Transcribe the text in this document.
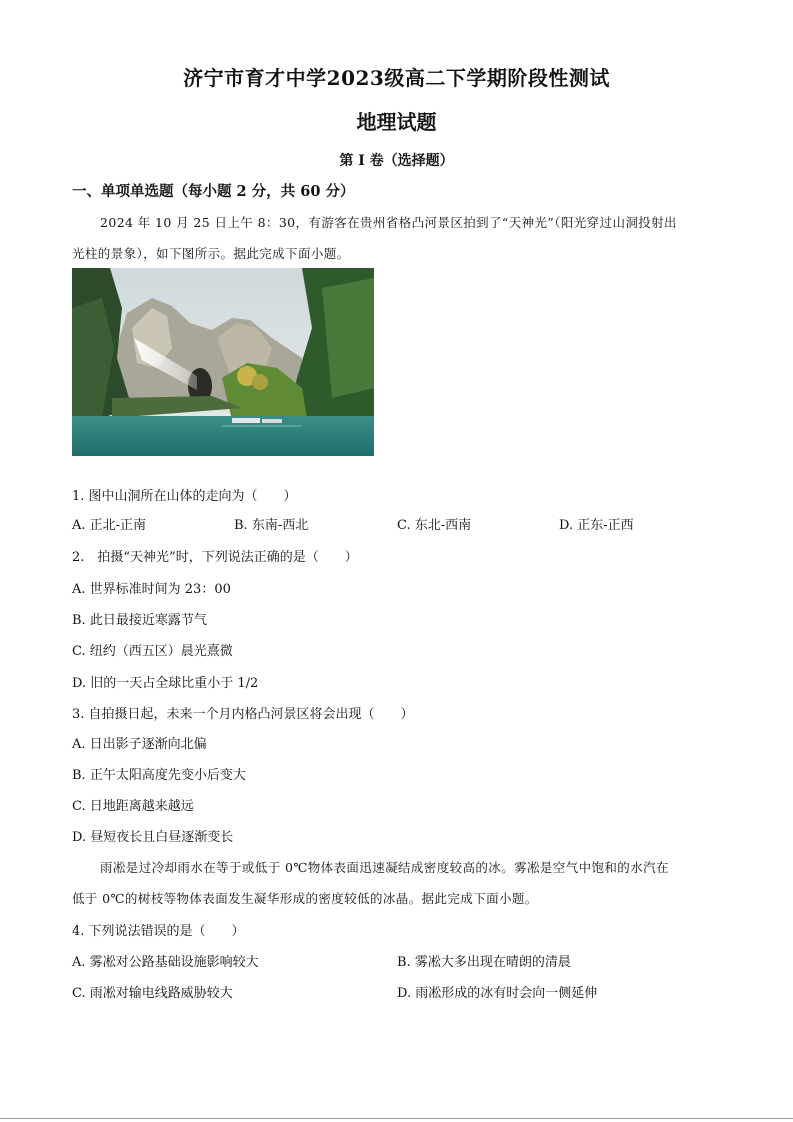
济宁市育才中学2023级高二下学期阶段性测试
地理试题
第 I 卷（选择题）
一、单项单选题（每小题 2 分，共 60 分）
2024 年 10 月 25 日上午 8：30，有游客在贵州省格凸河景区拍到了“天神光”（阳光穿过山洞投射出
光柱的景象），如下图所示。据此完成下面小题。
1. 图中山洞所在山体的走向为（　　）
A. 正北-正南	B. 东南-西北	C. 东北-西南	D. 正东-正西
2.　拍摄“天神光”时，下列说法正确的是（　　）
A. 世界标准时间为 23：00
B. 此日最接近寒露节气
C. 纽约（西五区）晨光熹微
D. 旧的一天占全球比重小于 1/2
3. 自拍摄日起，未来一个月内格凸河景区将会出现（　　）
A. 日出影子逐渐向北偏
B. 正午太阳高度先变小后变大
C. 日地距离越来越远
D. 昼短夜长且白昼逐渐变长
雨凇是过冷却雨水在等于或低于 0℃物体表面迅速凝结成密度较高的冰。雾凇是空气中饱和的水汽在
低于 0℃的树枝等物体表面发生凝华形成的密度较低的冰晶。据此完成下面小题。
4. 下列说法错误的是（　　）
A. 雾凇对公路基础设施影响较大	B. 雾凇大多出现在晴朗的清晨
C. 雨凇对输电线路威胁较大	D. 雨凇形成的冰有时会向一侧延伸
